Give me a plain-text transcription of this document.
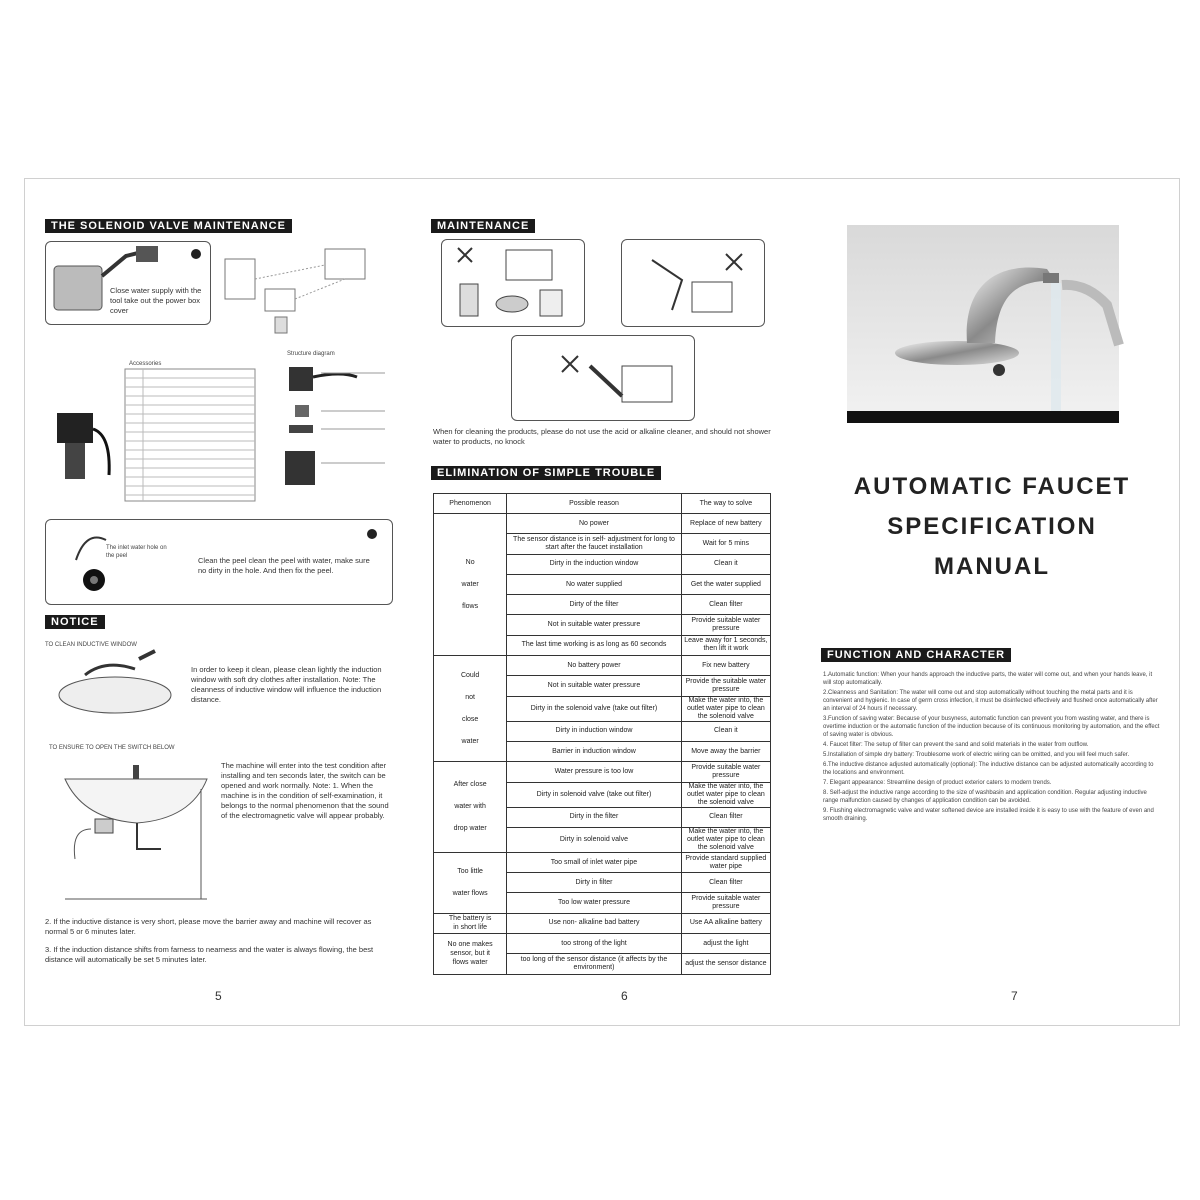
THE SOLENOID VALVE MAINTENANCE
Close water supply with the tool take out the power box cover
Accessories
Structure diagram
The inlet water hole on the peel	Clean the peel clean the peel with water, make sure no dirty in the hole. And then fix the peel.
NOTICE
TO CLEAN INDUCTIVE WINDOW
In order to keep it clean, please clean lightly the induction window with soft dry clothes after installation. Note: The cleanness of inductive window will influence the induction distance.
TO ENSURE TO OPEN THE SWITCH BELOW
The machine will enter into the test condition after installing and ten seconds later, the switch can be opened and work normally. Note: 1. When the machine is in the condition of self-examination, it belongs to the normal phenomenon that the sound of the electromagnetic valve will appear probably.
2. If the inductive distance is very short, please move the barrier away and machine will recover as normal 5 or 6 minutes later.
3. If the induction distance shifts from farness to nearness and the water is always flowing, the best distance will automatically be set 5 minutes later.
5
MAINTENANCE
When for cleaning the products, please do not use the acid or alkaline cleaner, and should not shower water to products, no knock
ELIMINATION OF SIMPLE TROUBLE
Phenomenon	Possible reason	The way to solve

No
water
flows	No power	Replace of new battery
	The sensor distance is in self- adjustment for long to start after the faucet installation	Wait for 5 mins
	Dirty in the induction window	Clean it
	No water supplied	Get the water supplied
	Dirty of the filter	Clean filter
	Not in suitable water pressure	Provide suitable water pressure
	The last time working is as long as 60 seconds	Leave away for 1 seconds, then lift it work

Could
not
close
water	No battery power	Fix new battery
	Not in suitable water pressure	Provide the suitable water pressure
	Dirty in the solenoid valve (take out filter)	Make the water into, the outlet water pipe to clean the solenoid valve
	Dirty in induction window	Clean it
	Barrier in induction window	Move away the barrier

After close
water with
drop water	Water pressure is too low	Provide suitable water pressure
	Dirty in solenoid valve (take out filter)	Make the water into, the outlet water pipe to clean the solenoid valve
	Dirty in the filter	Clean filter
	Dirty in solenoid valve	Make the water into, the outlet water pipe to clean the solenoid valve

Too little
water flows	Too small of inlet water pipe	Provide standard supplied water pipe
	Dirty in filter	Clean filter
	Too low water pressure	Provide suitable water pressure

The battery is
in short life	Use non- alkaline bad battery	Use AA alkaline battery

No one makes
sensor, but it
flows water	too strong of the light	adjust the light
	too long of the sensor distance (it affects by the environment)	adjust the sensor distance
6
AUTOMATIC FAUCET
SPECIFICATION
MANUAL
FUNCTION AND CHARACTER
1.Automatic function: When your hands approach the inductive parts, the water will come out, and when your hands leave, it will stop automatically.
2.Cleanness and Sanitation: The water will come out and stop automatically without touching the metal parts and it is convenient and hygienic. In case of germ cross infection, it must be disinfected effectively and flushed once automatically after an interval of 24 hours if necessary.
3.Function of saving water: Because of your busyness, automatic function can prevent you from wasting water, and there is overtime induction or the automatic function of the induction because of its continuous monitoring by automation, and the effect of saving water is obvious.
4. Faucet filter: The setup of filter can prevent the sand and solid materials in the water from outflow.
5.Installation of simple dry battery: Troublesome work of electric wiring can be omitted, and you will feel much safer.
6.The inductive distance adjusted automatically (optional): The inductive distance can be adjusted automatically according to the locations and environment.
7. Elegant appearance: Streamline design of product exterior caters to modern trends.
8. Self-adjust the inductive range according to the size of washbasin and application condition. Regular adjusting inductive range malfunction caused by changes of application condition can be avoided.
9. Flushing electromagnetic valve and water softened device are installed inside it is easy to use with the feature of even and smooth draining.
7
